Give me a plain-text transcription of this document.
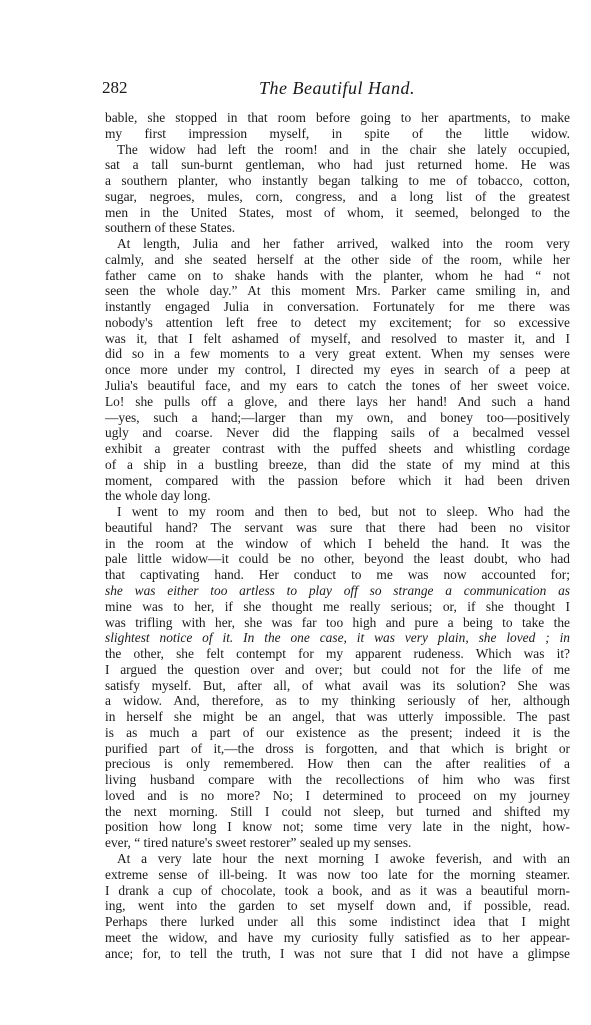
282	The Beautiful Hand.
bable, she stopped in that room before going to her apartments, to make
my first impression myself, in spite of the little widow.
The widow had left the room! and in the chair she lately occupied,
sat a tall sun-burnt gentleman, who had just returned home. He was
a southern planter, who instantly began talking to me of tobacco, cotton,
sugar, negroes, mules, corn, congress, and a long list of the greatest
men in the United States, most of whom, it seemed, belonged to the
southern of these States.
At length, Julia and her father arrived, walked into the room very
calmly, and she seated herself at the other side of the room, while her
father came on to shake hands with the planter, whom he had “ not
seen the whole day.” At this moment Mrs. Parker came smiling in, and
instantly engaged Julia in conversation. Fortunately for me there was
nobody's attention left free to detect my excitement; for so excessive
was it, that I felt ashamed of myself, and resolved to master it, and I
did so in a few moments to a very great extent. When my senses were
once more under my control, I directed my eyes in search of a peep at
Julia's beautiful face, and my ears to catch the tones of her sweet voice.
Lo! she pulls off a glove, and there lays her hand! And such a hand
—yes, such a hand;—larger than my own, and boney too—positively
ugly and coarse. Never did the flapping sails of a becalmed vessel
exhibit a greater contrast with the puffed sheets and whistling cordage
of a ship in a bustling breeze, than did the state of my mind at this
moment, compared with the passion before which it had been driven
the whole day long.
I went to my room and then to bed, but not to sleep. Who had the
beautiful hand? The servant was sure that there had been no visitor
in the room at the window of which I beheld the hand. It was the
pale little widow—it could be no other, beyond the least doubt, who had
that captivating hand. Her conduct to me was now accounted for;
she was either too artless to play off so strange a communication as
mine was to her, if she thought me really serious; or, if she thought I
was trifling with her, she was far too high and pure a being to take the
slightest notice of it. In the one case, it was very plain, she loved ; in
the other, she felt contempt for my apparent rudeness. Which was it?
I argued the question over and over; but could not for the life of me
satisfy myself. But, after all, of what avail was its solution? She was
a widow. And, therefore, as to my thinking seriously of her, although
in herself she might be an angel, that was utterly impossible. The past
is as much a part of our existence as the present; indeed it is the
purified part of it,—the dross is forgotten, and that which is bright or
precious is only remembered. How then can the after realities of a
living husband compare with the recollections of him who was first
loved and is no more? No; I determined to proceed on my journey
the next morning. Still I could not sleep, but turned and shifted my
position how long I know not; some time very late in the night, how-
ever, “ tired nature's sweet restorer” sealed up my senses.
At a very late hour the next morning I awoke feverish, and with an
extreme sense of ill-being. It was now too late for the morning steamer.
I drank a cup of chocolate, took a book, and as it was a beautiful morn-
ing, went into the garden to set myself down and, if possible, read.
Perhaps there lurked under all this some indistinct idea that I might
meet the widow, and have my curiosity fully satisfied as to her appear-
ance; for, to tell the truth, I was not sure that I did not have a glimpse
